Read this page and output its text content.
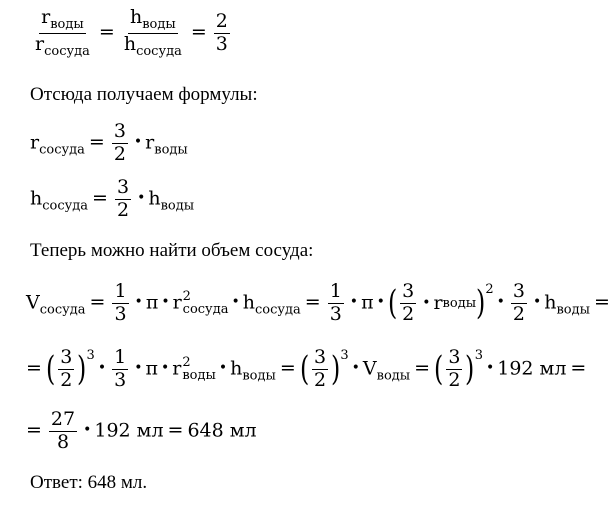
$\frac{r_{воды}}{r_{сосуда}} = \frac{h_{воды}}{h_{сосуда}} = \frac{2}{3}$
Отсюда получаем формулы:
$r_{сосуда} = \frac{3}{2}$ • $r_{воды}$
$h_{сосуда} = \frac{3}{2}$ • $h_{воды}$
Теперь можно найти объем сосуда:
$V_{сосуда} = \frac{1}{3}$ • π • r 2
сосуда • $h_{сосуда} = \frac{1}{3}$ • π • ( $\frac{3}{2}$ • r воды ) 2
• $\frac{3}{2}$ • $h_{воды}$ =
= ( $\frac{3}{2}$ ) 3
• $\frac{1}{3}$ • π • r 2
воды • $h_{воды}$ = ( $\frac{3}{2}$ ) 3
• $V_{воды}$ = ( $\frac{3}{2}$ ) 3
• 192 мл =
= $\frac{27}{8}$ • 192 мл = 648 мл
Ответ: 648 мл.
